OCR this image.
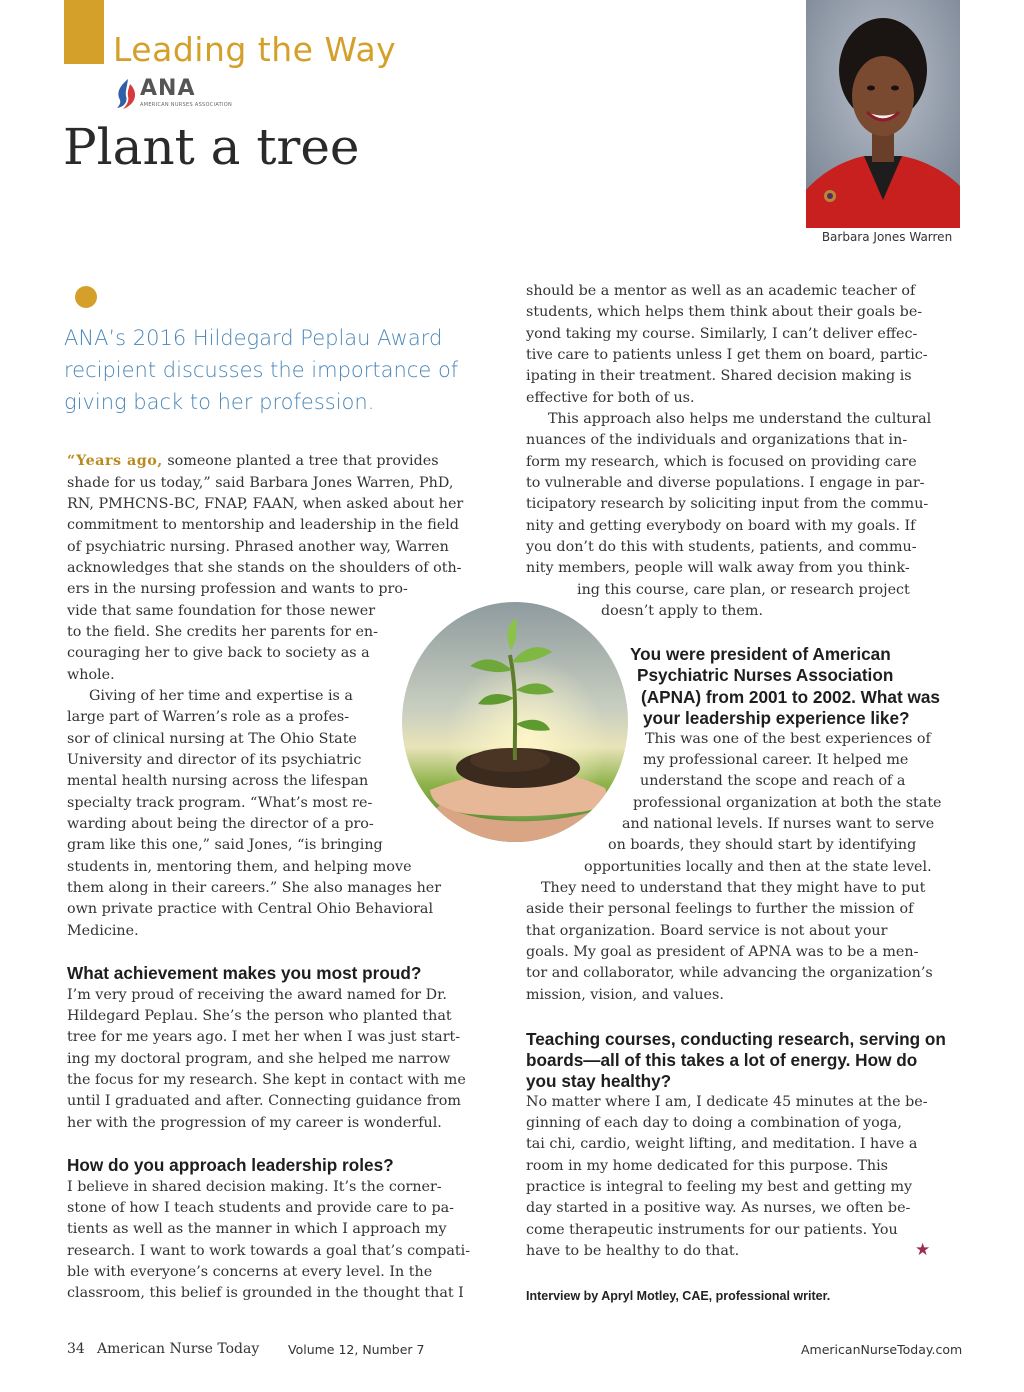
Leading the Way
ANA
AMERICAN NURSES ASSOCIATION
Plant a tree
Barbara Jones Warren
ANA’s 2016 Hildegard Peplau Award
recipient discusses the importance of
giving back to her profession.
“Years ago, someone planted a tree that provides
shade for us today,” said Barbara Jones Warren, PhD,
RN, PMHCNS-BC, FNAP, FAAN, when asked about her
commitment to mentorship and leadership in the field
of psychiatric nursing. Phrased another way, Warren
acknowledges that she stands on the shoulders of oth-
ers in the nursing profession and wants to pro-
vide that same foundation for those newer
to the field. She credits her parents for en-
couraging her to give back to society as a
whole.
Giving of her time and expertise is a
large part of Warren’s role as a profes-
sor of clinical nursing at The Ohio State
University and director of its psychiatric
mental health nursing across the lifespan
specialty track program. “What’s most re-
warding about being the director of a pro-
gram like this one,” said Jones, “is bringing
students in, mentoring them, and helping move
them along in their careers.” She also manages her
own private practice with Central Ohio Behavioral
Medicine.
What achievement makes you most proud?
I’m very proud of receiving the award named for Dr.
Hildegard Peplau. She’s the person who planted that
tree for me years ago. I met her when I was just start-
ing my doctoral program, and she helped me narrow
the focus for my research. She kept in contact with me
until I graduated and after. Connecting guidance from
her with the progression of my career is wonderful.
How do you approach leadership roles?
I believe in shared decision making. It’s the corner-
stone of how I teach students and provide care to pa-
tients as well as the manner in which I approach my
research. I want to work towards a goal that’s compati-
ble with everyone’s concerns at every level. In the
classroom, this belief is grounded in the thought that I
should be a mentor as well as an academic teacher of
students, which helps them think about their goals be-
yond taking my course. Similarly, I can’t deliver effec-
tive care to patients unless I get them on board, partic-
ipating in their treatment. Shared decision making is
effective for both of us.
This approach also helps me understand the cultural
nuances of the individuals and organizations that in-
form my research, which is focused on providing care
to vulnerable and diverse populations. I engage in par-
ticipatory research by soliciting input from the commu-
nity and getting everybody on board with my goals. If
you don’t do this with students, patients, and commu-
nity members, people will walk away from you think-
ing this course, care plan, or research project
doesn’t apply to them.
You were president of American
Psychiatric Nurses Association
(APNA) from 2001 to 2002. What was
your leadership experience like?
This was one of the best experiences of
my professional career. It helped me
understand the scope and reach of a
professional organization at both the state
and national levels. If nurses want to serve
on boards, they should start by identifying
opportunities locally and then at the state level.
They need to understand that they might have to put
aside their personal feelings to further the mission of
that organization. Board service is not about your
goals. My goal as president of APNA was to be a men-
tor and collaborator, while advancing the organization’s
mission, vision, and values.
Teaching courses, conducting research, serving on
boards—all of this takes a lot of energy. How do
you stay healthy?
No matter where I am, I dedicate 45 minutes at the be-
ginning of each day to doing a combination of yoga,
tai chi, cardio, weight lifting, and meditation. I have a
room in my home dedicated for this purpose. This
practice is integral to feeling my best and getting my
day started in a positive way. As nurses, we often be-
come therapeutic instruments for our patients. You
have to be healthy to do that.	★
Interview by Apryl Motley, CAE, professional writer.
34 American Nurse Today Volume 12, Number 7	AmericanNurseToday.com
